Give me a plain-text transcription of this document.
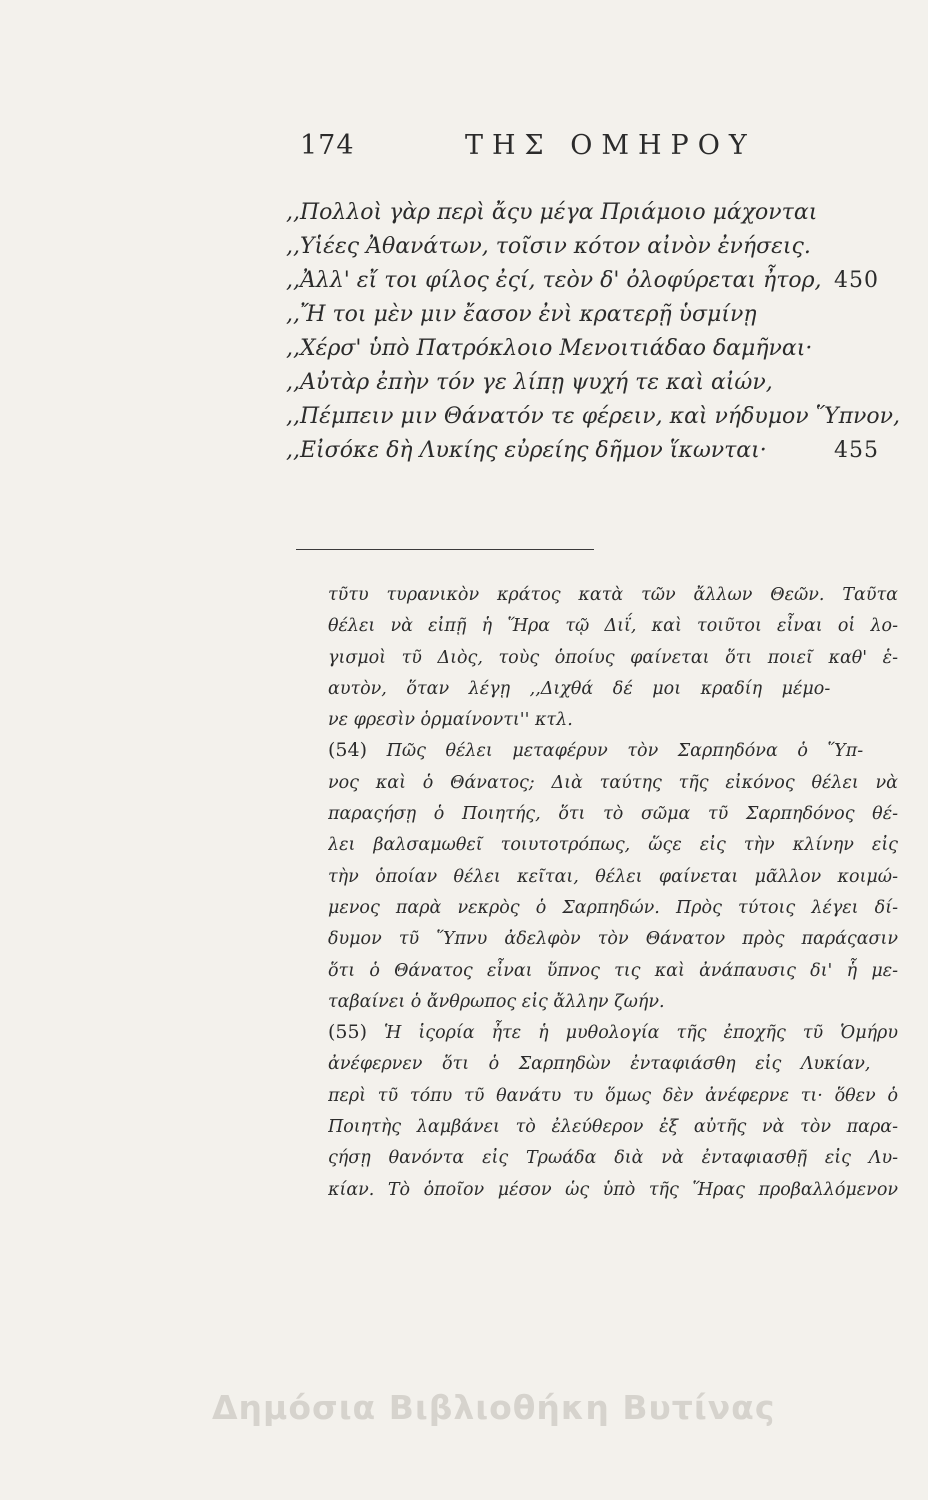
174	ΤΗΣ ΟΜΗΡΟΥ
,,Πολλοὶ γὰρ περὶ ἄςυ μέγα Πριάμοιο μάχονται
,,Υἱέες Ἀθανάτων, τοῖσιν κότον αἰνὸν ἐνήσεις.
,,Ἀλλ' εἴ τοι φίλος ἐςί, τεὸν δ' ὀλοφύρεται ἦτορ, 450
,,Ἤ τοι μὲν μιν ἔασον ἐνὶ κρατερῇ ὑσμίνῃ
,,Χέρσ' ὑπὸ Πατρόκλοιο Μενοιτιάδαο δαμῆναι·
,,Αὐτὰρ ἐπὴν τόν γε λίπῃ ψυχή τε καὶ αἰών,
,,Πέμπειν μιν Θάνατόν τε φέρειν, καὶ νήδυμον Ὕπνον,
,,Εἰσόκε δὴ Λυκίης εὐρείης δῆμον ἵκωνται·	455
τῦτυ τυρανικὸν κράτος κατὰ τῶν ἄλλων Θεῶν. Ταῦτα
θέλει νὰ εἰπῇ ἡ Ἥρα τῷ Διΐ, καὶ τοιῦτοι εἶναι οἱ λο-
γισμοὶ τῦ Διὸς, τοὺς ὁποίυς φαίνεται ὅτι ποιεῖ καθ' ἑ-
αυτὸν, ὅταν λέγῃ ,,Διχθά δέ μοι κραδίη μέμο-
νε φρεσὶν ὁρμαίνοντι'' κτλ.
(54) Πῶς θέλει μεταφέρυν τὸν Σαρπηδόνα ὁ Ὕπ-
νος καὶ ὁ Θάνατος; Διὰ ταύτης τῆς εἰκόνος θέλει νὰ
παραςήσῃ ὁ Ποιητής, ὅτι τὸ σῶμα τῦ Σαρπηδόνος θέ-
λει βαλσαμωθεῖ τοιυτοτρόπως, ὥςε εἰς τὴν κλίνην εἰς
τὴν ὁποίαν θέλει κεῖται, θέλει φαίνεται μᾶλλον κοιμώ-
μενος παρὰ νεκρὸς ὁ Σαρπηδών. Πρὸς τύτοις λέγει δί-
δυμον τῦ Ὕπνυ ἀδελφὸν τὸν Θάνατον πρὸς παράςασιν
ὅτι ὁ Θάνατος εἶναι ὕπνος τις καὶ ἀνάπαυσις δι' ἧ με-
ταβαίνει ὁ ἄνθρωπος εἰς ἄλλην ζωήν.
(55) Ἡ ἱςορία ἦτε ἡ μυθολογία τῆς ἐποχῆς τῦ Ὁμήρυ
ἀνέφερνεν ὅτι ὁ Σαρπηδὼν ἐνταφιάσθη εἰς Λυκίαν,
περὶ τῦ τόπυ τῦ θανάτυ τυ ὅμως δὲν ἀνέφερνε τι· ὅθεν ὁ
Ποιητὴς λαμβάνει τὸ ἐλεύθερον ἐξ αὐτῆς νὰ τὸν παρα-
ςήσῃ θανόντα εἰς Τρωάδα διὰ νὰ ἐνταφιασθῇ εἰς Λυ-
κίαν. Τὸ ὁποῖον μέσον ὡς ὑπὸ τῆς Ἥρας προβαλλόμενον
Δημόσια Βιβλιοθήκη Βυτίνας
